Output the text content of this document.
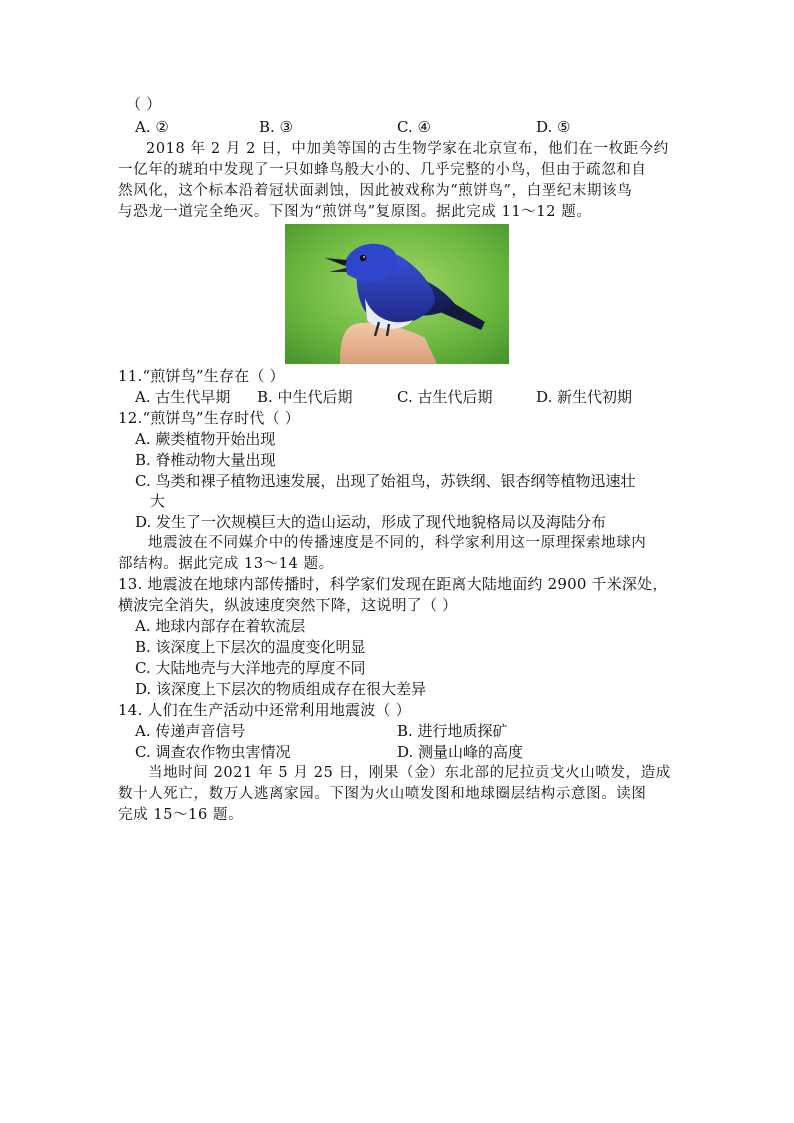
（ ）
A. ②	B. ③	C. ④	D. ⑤
2018 年 2 月 2 日，中加美等国的古生物学家在北京宣布，他们在一枚距今约
一亿年的琥珀中发现了一只如蜂鸟般大小的、几乎完整的小鸟，但由于疏忽和自
然风化，这个标本沿着冠状面剥蚀，因此被戏称为“煎饼鸟”，白垩纪末期该鸟
与恐龙一道完全绝灭。下图为“煎饼鸟”复原图。据此完成 11～12 题。
11.“煎饼鸟”生存在（ ）
A. 古生代早期 B. 中生代后期	C. 古生代后期	D. 新生代初期
12.“煎饼鸟”生存时代（ ）
A. 蕨类植物开始出现
B. 脊椎动物大量出现
C. 鸟类和裸子植物迅速发展，出现了始祖鸟，苏铁纲、银杏纲等植物迅速壮
大
D. 发生了一次规模巨大的造山运动，形成了现代地貌格局以及海陆分布
地震波在不同媒介中的传播速度是不同的，科学家利用这一原理探索地球内
部结构。据此完成 13～14 题。
13. 地震波在地球内部传播时，科学家们发现在距离大陆地面约 2900 千米深处，
横波完全消失，纵波速度突然下降，这说明了（ ）
A. 地球内部存在着软流层
B. 该深度上下层次的温度变化明显
C. 大陆地壳与大洋地壳的厚度不同
D. 该深度上下层次的物质组成存在很大差异
14. 人们在生产活动中还常利用地震波（ ）
A. 传递声音信号	B. 进行地质探矿
C. 调查农作物虫害情况	D. 测量山峰的高度
当地时间 2021 年 5 月 25 日，刚果（金）东北部的尼拉贡戈火山喷发，造成
数十人死亡，数万人逃离家园。下图为火山喷发图和地球圈层结构示意图。读图
完成 15～16 题。
